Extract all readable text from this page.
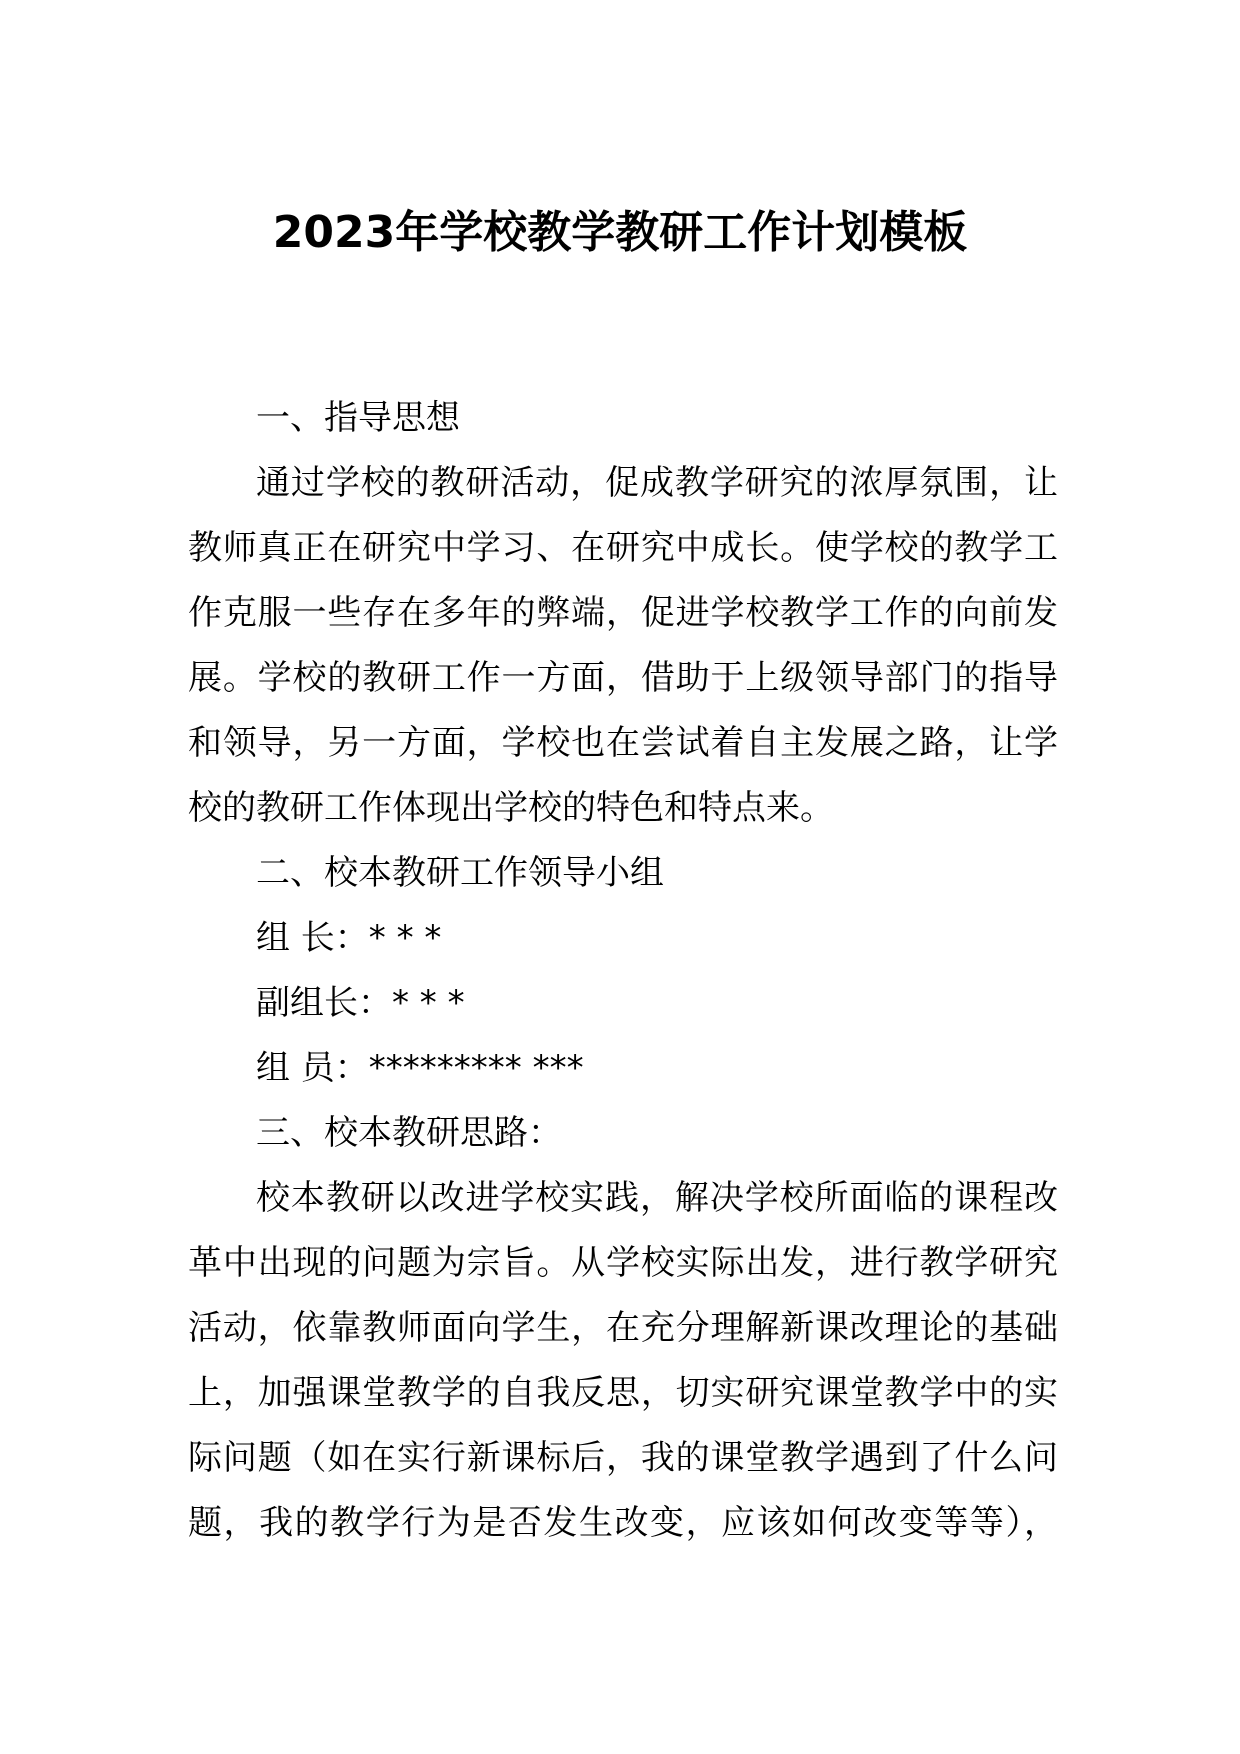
2023年学校教学教研工作计划模板

一、指导思想

通过学校的教研活动，促成教学研究的浓厚氛围，让

教师真正在研究中学习、在研究中成长。使学校的教学工

作克服一些存在多年的弊端，促进学校教学工作的向前发

展。学校的教研工作一方面，借助于上级领导部门的指导

和领导，另一方面，学校也在尝试着自主发展之路，让学

校的教研工作体现出学校的特色和特点来。

二、校本教研工作领导小组

组 长：* * *

副组长：* * *

组 员：********* ***

三、校本教研思路：

校本教研以改进学校实践，解决学校所面临的课程改

革中出现的问题为宗旨。从学校实际出发，进行教学研究

活动，依靠教师面向学生，在充分理解新课改理论的基础

上，加强课堂教学的自我反思，切实研究课堂教学中的实

际问题（如在实行新课标后，我的课堂教学遇到了什么问

题，我的教学行为是否发生改变，应该如何改变等等），
